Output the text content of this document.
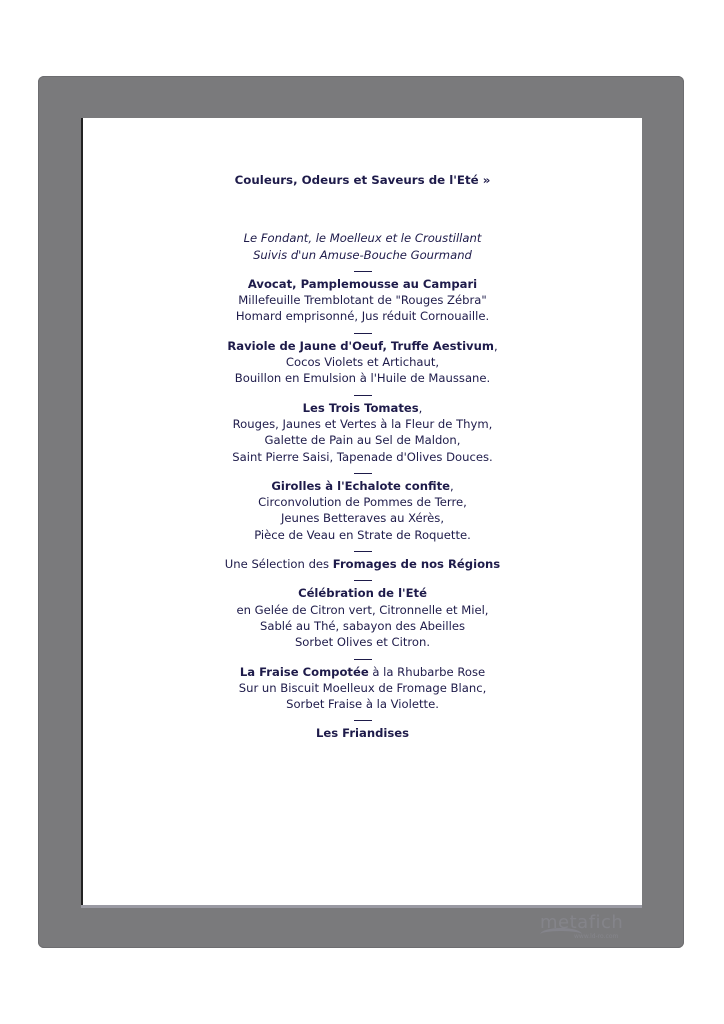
Couleurs, Odeurs et Saveurs de l'Eté »
Le Fondant, le Moelleux et le Croustillant
Suivis d'un Amuse-Bouche Gourmand
Avocat, Pamplemousse au Campari
Millefeuille Tremblotant de "Rouges Zébra"
Homard emprisonné, Jus réduit Cornouaille.
Raviole de Jaune d'Oeuf, Truffe Aestivum,
Cocos Violets et Artichaut,
Bouillon en Emulsion à l'Huile de Maussane.
Les Trois Tomates,
Rouges, Jaunes et Vertes à la Fleur de Thym,
Galette de Pain au Sel de Maldon,
Saint Pierre Saisi, Tapenade d'Olives Douces.
Girolles à l'Echalote confite,
Circonvolution de Pommes de Terre,
Jeunes Betteraves au Xérès,
Pièce de Veau en Strate de Roquette.
Une Sélection des Fromages de nos Régions
Célébration de l'Eté
en Gelée de Citron vert, Citronnelle et Miel,
Sablé au Thé, sabayon des Abeilles
Sorbet Olives et Citron.
La Fraise Compotée à la Rhubarbe Rose
Sur un Biscuit Moelleux de Fromage Blanc,
Sorbet Fraise à la Violette.
Les Friandises
metafich
www.ld-ro.com
